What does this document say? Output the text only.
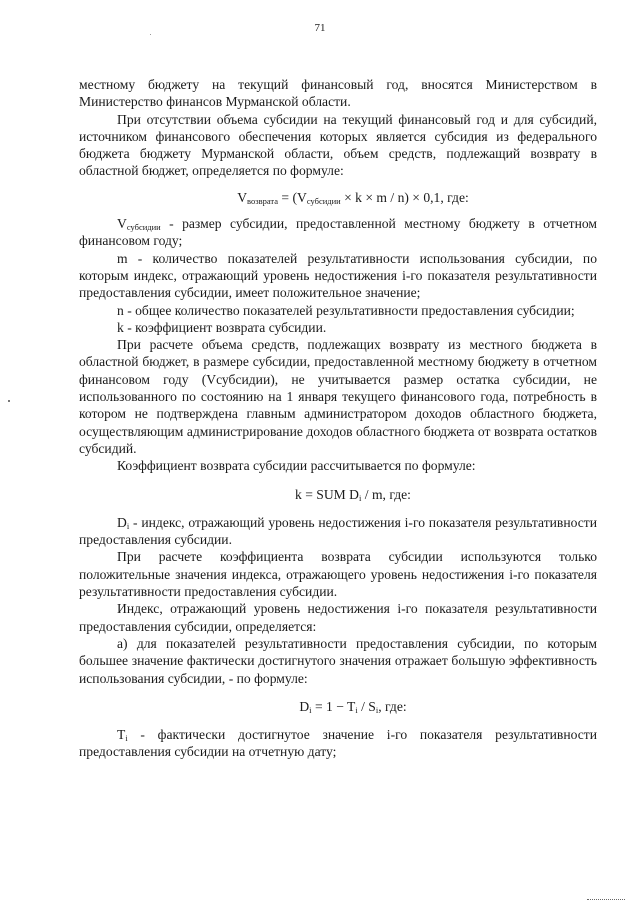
71

местному бюджету на текущий финансовый год, вносятся Министерством в Министерство финансов Мурманской области.

При отсутствии объема субсидии на текущий финансовый год и для субсидий, источником финансового обеспечения которых является субсидия из федерального бюджета бюджету Мурманской области, объем средств, подлежащий возврату в областной бюджет, определяется по формуле:

$V_{возврата} = (V_{субсидии} \times k \times m / n) \times 0,1$, где:

$V_{субсидии}$ - размер субсидии, предоставленной местному бюджету в отчетном финансовом году;

m - количество показателей результативности использования субсидии, по которым индекс, отражающий уровень недостижения i-го показателя результативности предоставления субсидии, имеет положительное значение;

n - общее количество показателей результативности предоставления субсидии;

k - коэффициент возврата субсидии.

При расчете объема средств, подлежащих возврату из местного бюджета в областной бюджет, в размере субсидии, предоставленной местному бюджету в отчетном финансовом году (Vсубсидии), не учитывается размер остатка субсидии, не использованного по состоянию на 1 января текущего финансового года, потребность в котором не подтверждена главным администратором доходов областного бюджета, осуществляющим администрирование доходов областного бюджета от возврата остатков субсидий.

Коэффициент возврата субсидии рассчитывается по формуле:

k = SUM $D_i$ / m, где:

$D_i$ - индекс, отражающий уровень недостижения i-го показателя результативности предоставления субсидии.

При расчете коэффициента возврата субсидии используются только положительные значения индекса, отражающего уровень недостижения i-го показателя результативности предоставления субсидии.

Индекс, отражающий уровень недостижения i-го показателя результативности предоставления субсидии, определяется:

а) для показателей результативности предоставления субсидии, по которым большее значение фактически достигнутого значения отражает большую эффективность использования субсидии, - по формуле:

$D_i = 1 - T_i / S_i$, где:

$T_i$ - фактически достигнутое значение i-го показателя результативности предоставления субсидии на отчетную дату;
